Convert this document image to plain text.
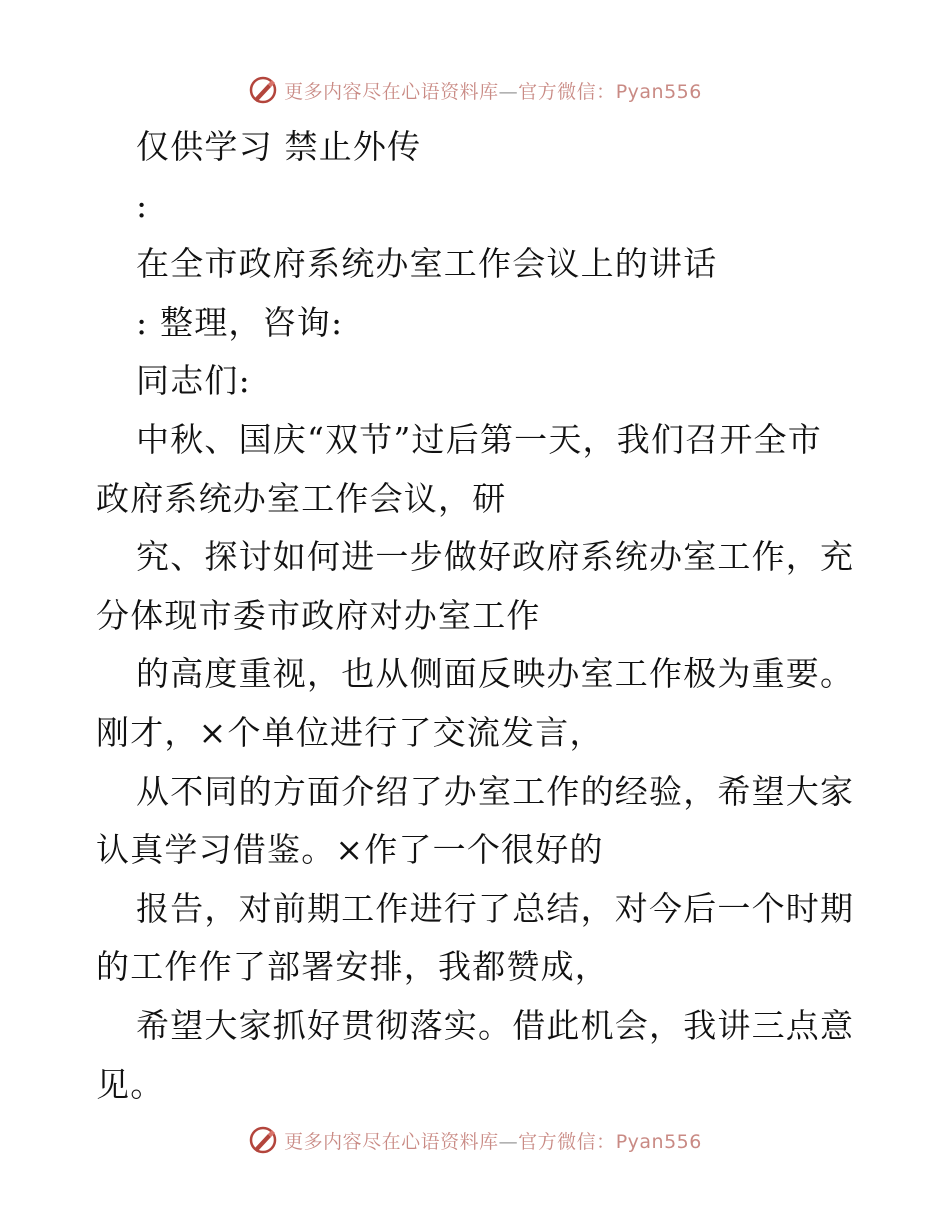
更多内容尽在心语资料库—官方微信：Pyan556
仅供学习 禁止外传
:
在全市政府系统办室工作会议上的讲话
: 整理，咨询:
同志们:
中秋、国庆“双节”过后第一天，我们召开全市
政府系统办室工作会议，研
究、探讨如何进一步做好政府系统办室工作，充
分体现市委市政府对办室工作
的高度重视，也从侧面反映办室工作极为重要。
刚才，×个单位进行了交流发言，
从不同的方面介绍了办室工作的经验，希望大家
认真学习借鉴。×作了一个很好的
报告，对前期工作进行了总结，对今后一个时期
的工作作了部署安排，我都赞成，
希望大家抓好贯彻落实。借此机会，我讲三点意
见。
更多内容尽在心语资料库—官方微信：Pyan556
